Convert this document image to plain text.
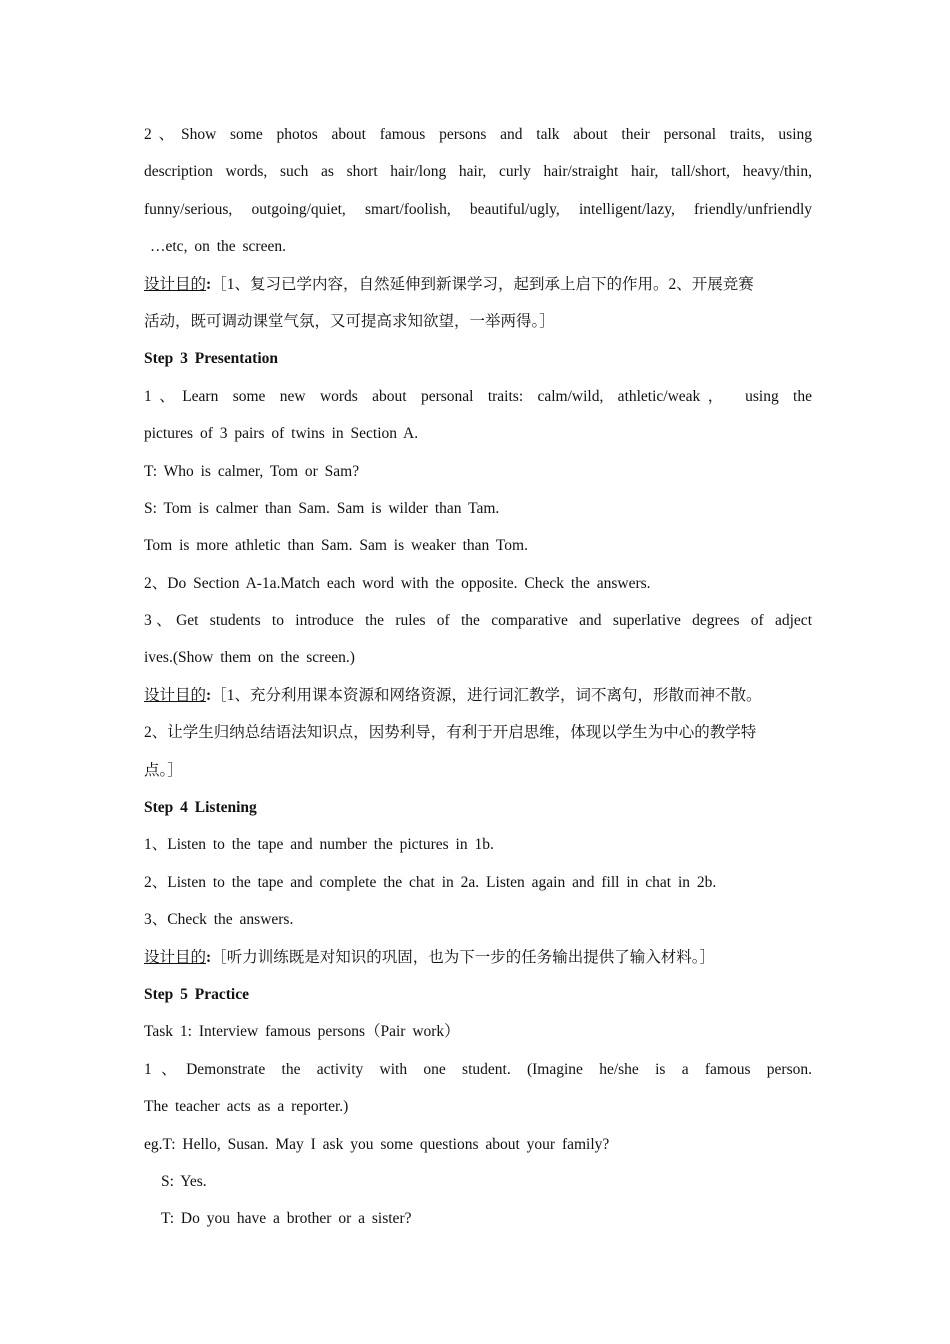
2、Show some photos about famous persons and talk about their personal traits, using
description words, such as short hair/long hair, curly hair/straight hair, tall/short, heavy/thin,
funny/serious, outgoing/quiet, smart/foolish, beautiful/ugly, intelligent/lazy, friendly/unfriendly
…etc, on the screen.
设计目的:［1、复习已学内容，自然延伸到新课学习，起到承上启下的作用。2、开展竞赛
活动，既可调动课堂气氛，又可提高求知欲望，一举两得。］
Step 3 Presentation
1、Learn some new words about personal traits: calm/wild, athletic/weak， using the
pictures of 3 pairs of twins in Section A.
T: Who is calmer, Tom or Sam?
S: Tom is calmer than Sam. Sam is wilder than Tam.
Tom is more athletic than Sam. Sam is weaker than Tom.
2、Do Section A-1a.Match each word with the opposite. Check the answers.
3、Get students to introduce the rules of the comparative and superlative degrees of adject
ives.(Show them on the screen.)
设计目的:［1、充分利用课本资源和网络资源，进行词汇教学，词不离句，形散而神不散。
2、让学生归纳总结语法知识点，因势利导，有利于开启思维，体现以学生为中心的教学特
点。］
Step 4 Listening
1、Listen to the tape and number the pictures in 1b.
2、Listen to the tape and complete the chat in 2a. Listen again and fill in chat in 2b.
3、Check the answers.
设计目的:［听力训练既是对知识的巩固，也为下一步的任务输出提供了输入材料。］
Step 5 Practice
Task 1: Interview famous persons（Pair work）
1、Demonstrate the activity with one student. (Imagine he/she is a famous person.
The teacher acts as a reporter.)
eg.T: Hello, Susan. May I ask you some questions about your family?
S: Yes.
T: Do you have a brother or a sister?
